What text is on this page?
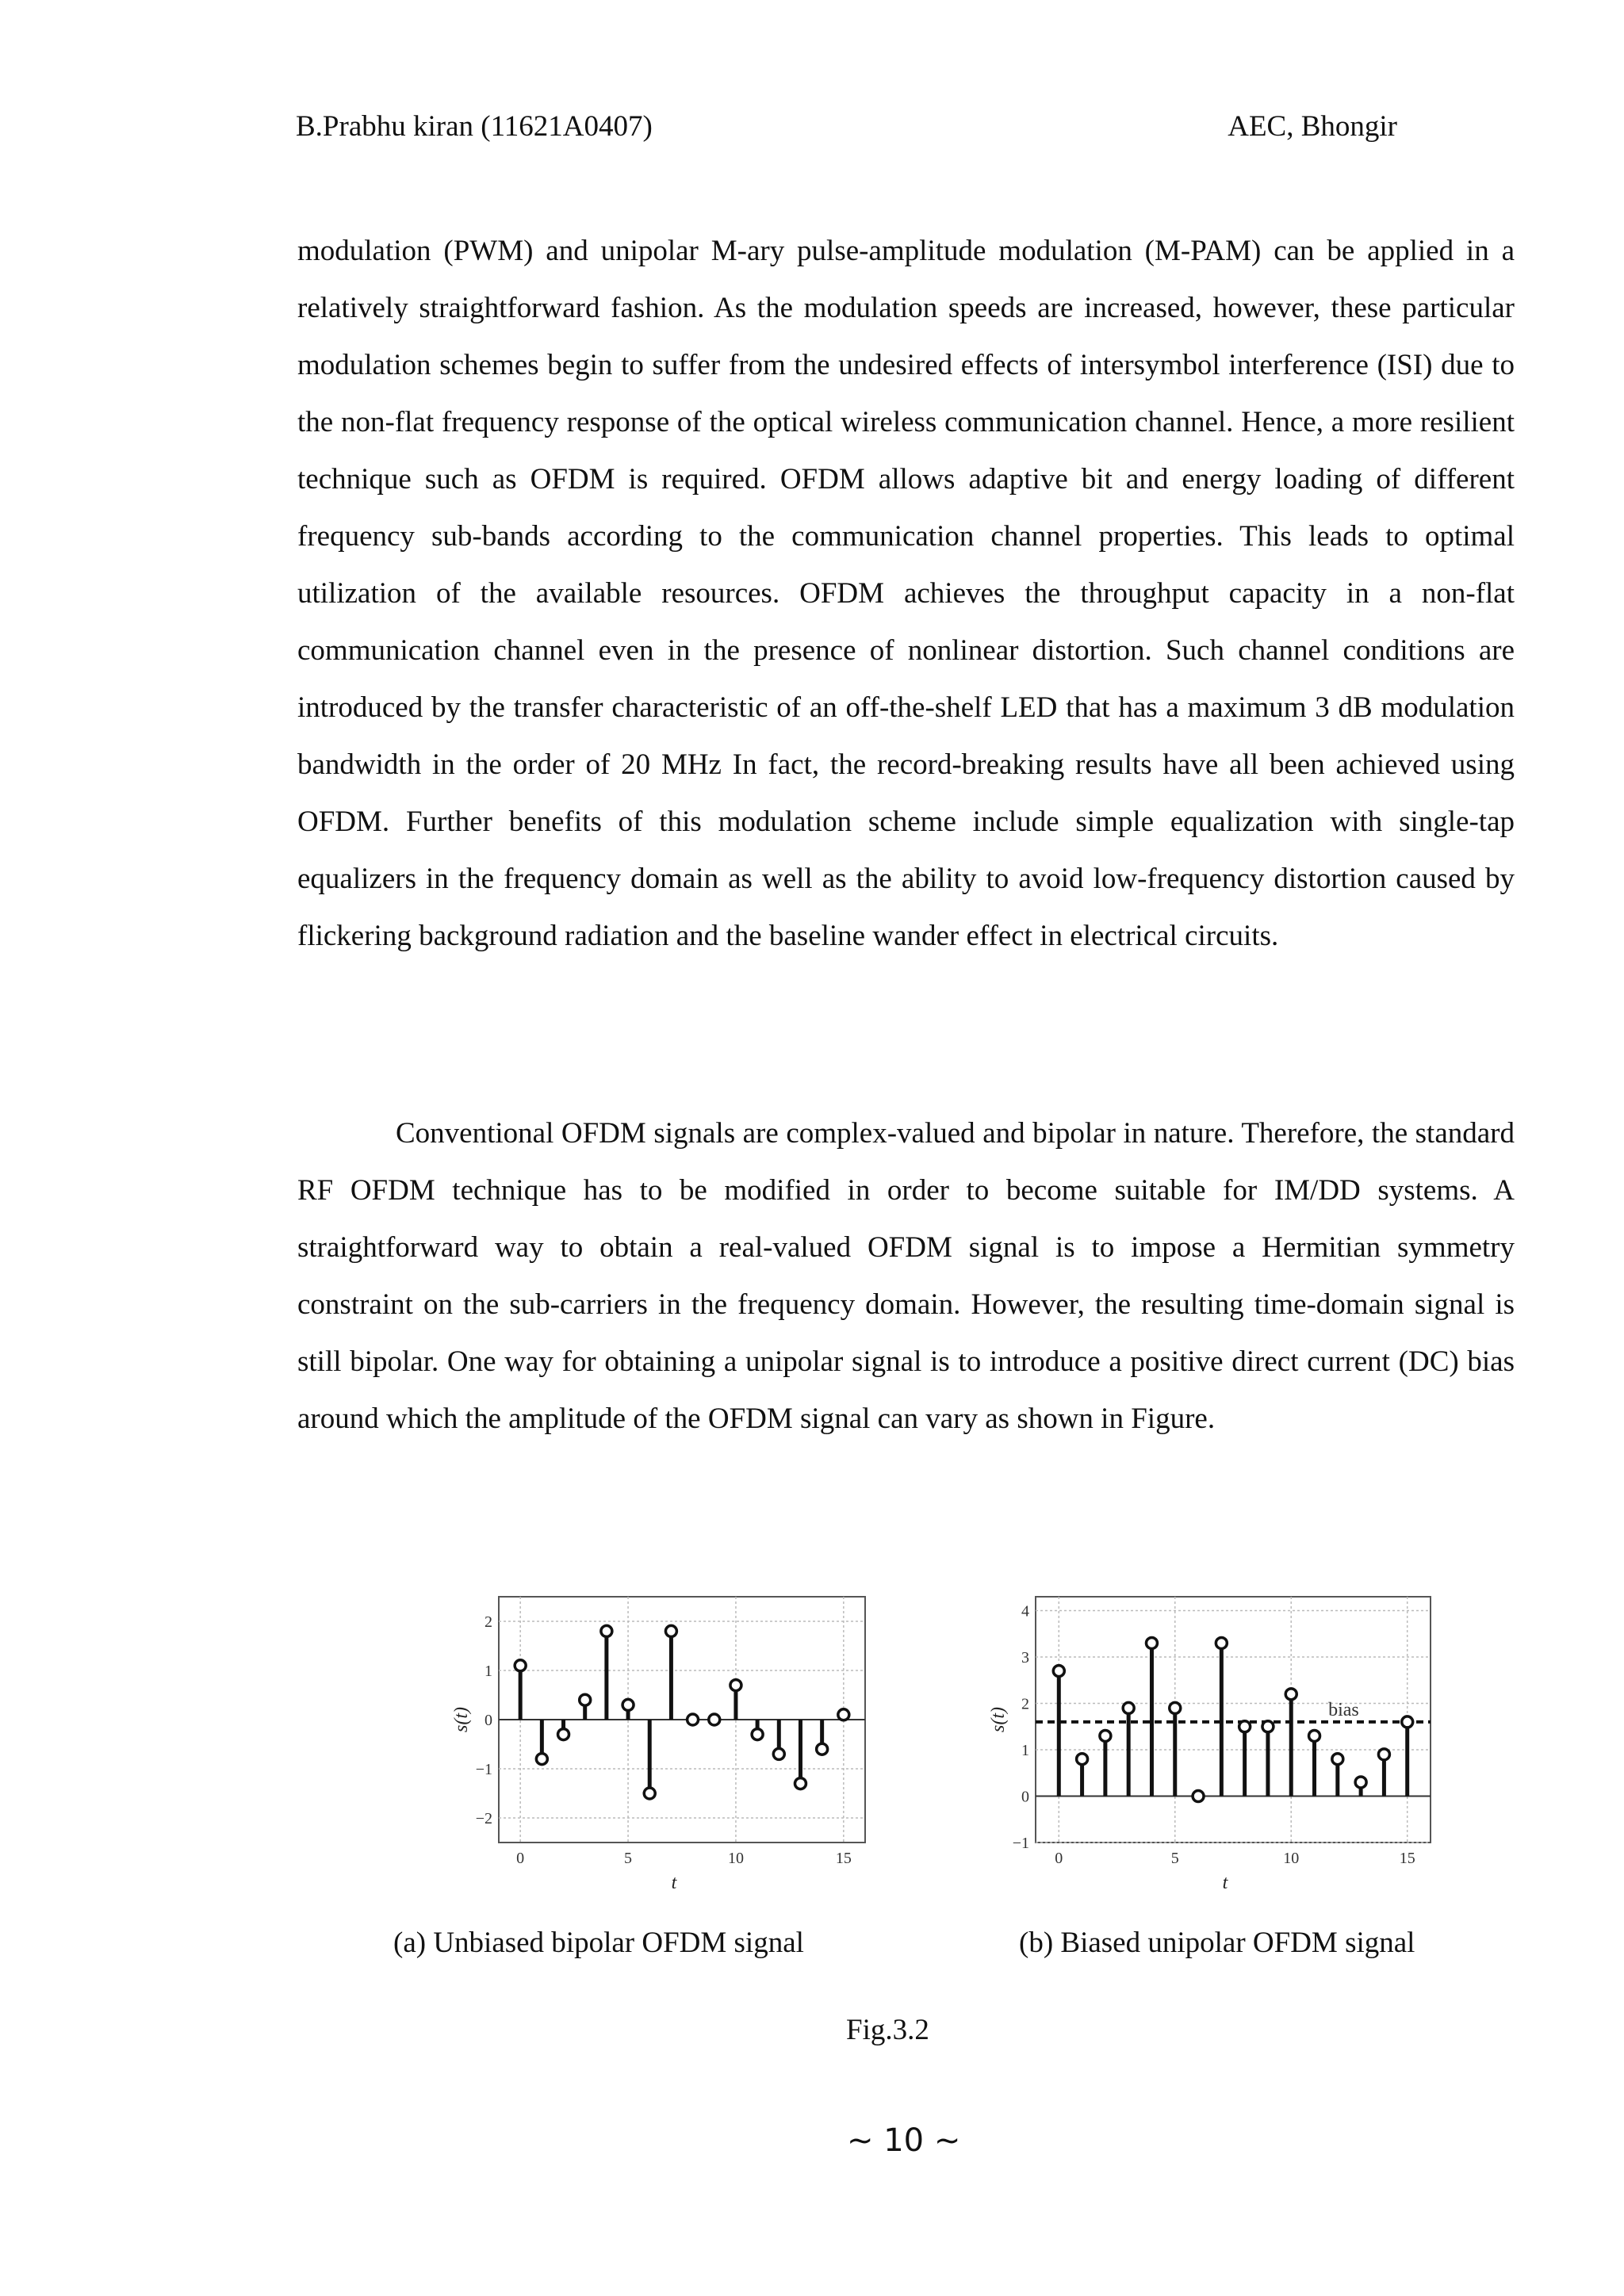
B.Prabhu kiran (11621A0407)	AEC, Bhongir

modulation (PWM) and unipolar M-ary pulse-amplitude modulation (M-PAM) can be applied in a relatively straightforward fashion. As the modulation speeds are increased, however, these particular modulation schemes begin to suffer from the undesired effects of intersymbol interference (ISI) due to the non-flat frequency response of the optical wireless communication channel. Hence, a more resilient technique such as OFDM is required. OFDM allows adaptive bit and energy loading of different frequency sub-bands according to the communication channel properties. This leads to optimal utilization of the available resources. OFDM achieves the throughput capacity in a non-flat communication channel even in the presence of nonlinear distortion. Such channel conditions are introduced by the transfer characteristic of an off-the-shelf LED that has a maximum 3 dB modulation bandwidth in the order of 20 MHz In fact, the record-breaking results have all been achieved using OFDM. Further benefits of this modulation scheme include simple equalization with single-tap equalizers in the frequency domain as well as the ability to avoid low-frequency distortion caused by flickering background radiation and the baseline wander effect in electrical circuits.

Conventional OFDM signals are complex-valued and bipolar in nature. Therefore, the standard RF OFDM technique has to be modified in order to become suitable for IM/DD systems. A straightforward way to obtain a real-valued OFDM signal is to impose a Hermitian symmetry constraint on the sub-carriers in the frequency domain. However, the resulting time-domain signal is still bipolar. One way for obtaining a unipolar signal is to introduce a positive direct current (DC) bias around which the amplitude of the OFDM signal can vary as shown in Figure.

0	5	10	15
−2
−1
0
1
2
t
s(t)
0	5	10	15
−1
0
1
2
3
4
t
s(t)	bias
(a) Unbiased bipolar OFDM signal	(b) Biased unipolar OFDM signal
Fig.3.2
~ 10 ~
